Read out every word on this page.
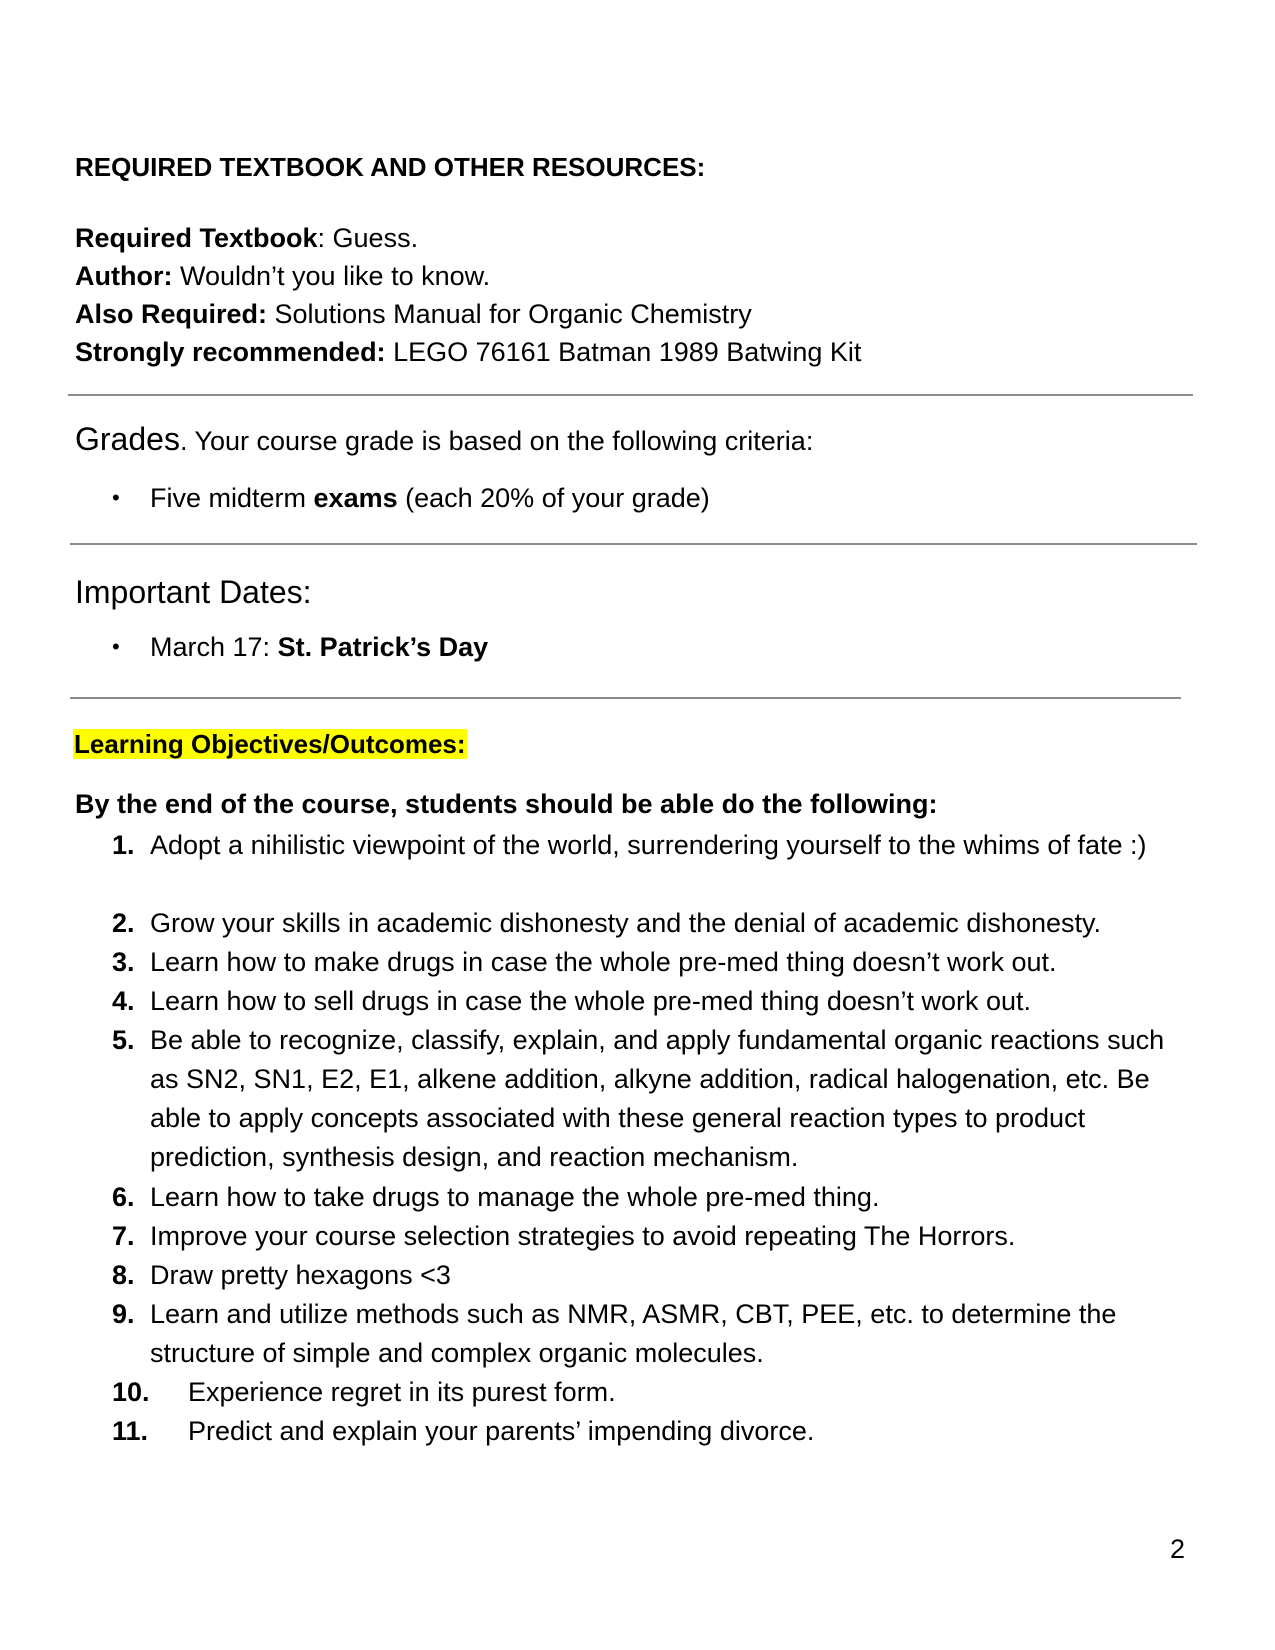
REQUIRED TEXTBOOK AND OTHER RESOURCES:
Required Textbook: Guess.
Author: Wouldn’t you like to know.
Also Required: Solutions Manual for Organic Chemistry
Strongly recommended: LEGO 76161 Batman 1989 Batwing Kit
Grades. Your course grade is based on the following criteria:
• Five midterm exams (each 20% of your grade)
Important Dates:
• March 17: St. Patrick’s Day
Learning Objectives/Outcomes:
By the end of the course, students should be able do the following:
1. Adopt a nihilistic viewpoint of the world, surrendering yourself to the whims of fate :)
2. Grow your skills in academic dishonesty and the denial of academic dishonesty.
3. Learn how to make drugs in case the whole pre-med thing doesn’t work out.
4. Learn how to sell drugs in case the whole pre-med thing doesn’t work out.
5. Be able to recognize, classify, explain, and apply fundamental organic reactions such as SN2, SN1, E2, E1, alkene addition, alkyne addition, radical halogenation, etc. Be able to apply concepts associated with these general reaction types to product prediction, synthesis design, and reaction mechanism.
6. Learn how to take drugs to manage the whole pre-med thing.
7. Improve your course selection strategies to avoid repeating The Horrors.
8. Draw pretty hexagons <3
9. Learn and utilize methods such as NMR, ASMR, CBT, PEE, etc. to determine the structure of simple and complex organic molecules.
10. Experience regret in its purest form.
11. Predict and explain your parents’ impending divorce.
2
